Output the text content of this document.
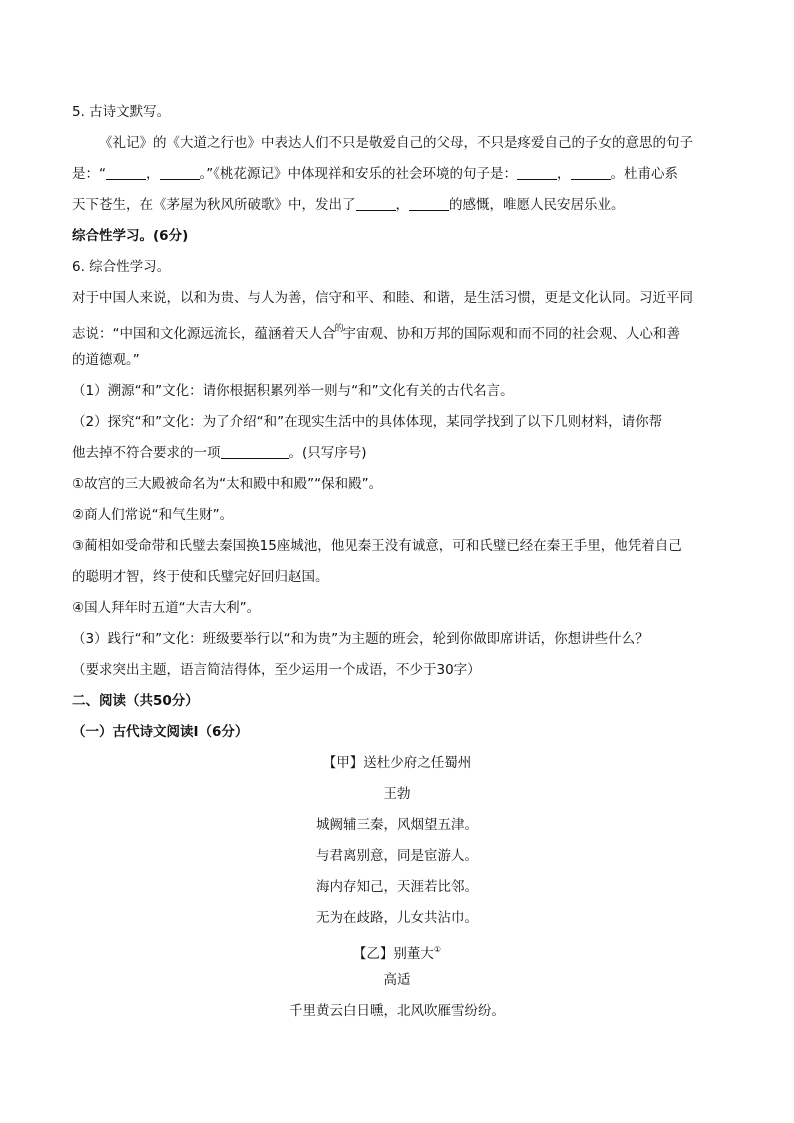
5. 古诗文默写。
《礼记》的《大道之行也》中表达人们不只是敬爱自己的父母，不只是疼爱自己的子女的意思的句子
是：“	，	。”《桃花源记》中体现祥和安乐的社会环境的句子是：	，	。杜甫心系
天下苍生，在《茅屋为秋风所破歌》中，发出了	，	的感慨，唯愿人民安居乐业。
综合性学习。(6分)
6. 综合性学习。
对于中国人来说，以和为贵、与人为善，信守和平、和睦、和谐，是生活习惯，更是文化认同。习近平同
志说：“中国和文化源远流长，蕴涵着天人合$^的$宇宙观、协和万邦的国际观和而不同的社会观、人心和善
的道德观。”
（1）溯源“和”文化：请你根据积累列举一则与“和”文化有关的古代名言。
（2）探究“和”文化：为了介绍“和”在现实生活中的具体体现，某同学找到了以下几则材料，请你帮
他去掉不符合要求的一项	。(只写序号)
①故宫的三大殿被命名为“太和殿中和殿”“保和殿”。
②商人们常说“和气生财”。
③蔺相如受命带和氏璧去秦国换15座城池，他见秦王没有诚意，可和氏璧已经在秦王手里，他凭着自己
的聪明才智，终于使和氏璧完好回归赵国。
④国人拜年时五道“大吉大利”。
（3）践行“和”文化：班级要举行以“和为贵”为主题的班会，轮到你做即席讲话，你想讲些什么？
（要求突出主题，语言简洁得体，至少运用一个成语，不少于30字）
二、阅读（共50分）
（一）古代诗文阅读Ⅰ（6分）
【甲】送杜少府之任蜀州
王勃
城阙辅三秦，风烟望五津。
与君离别意，同是宦游人。
海内存知己，天涯若比邻。
无为在歧路，儿女共沾巾。
【乙】别董大①
高适
千里黄云白日曛，北风吹雁雪纷纷。
